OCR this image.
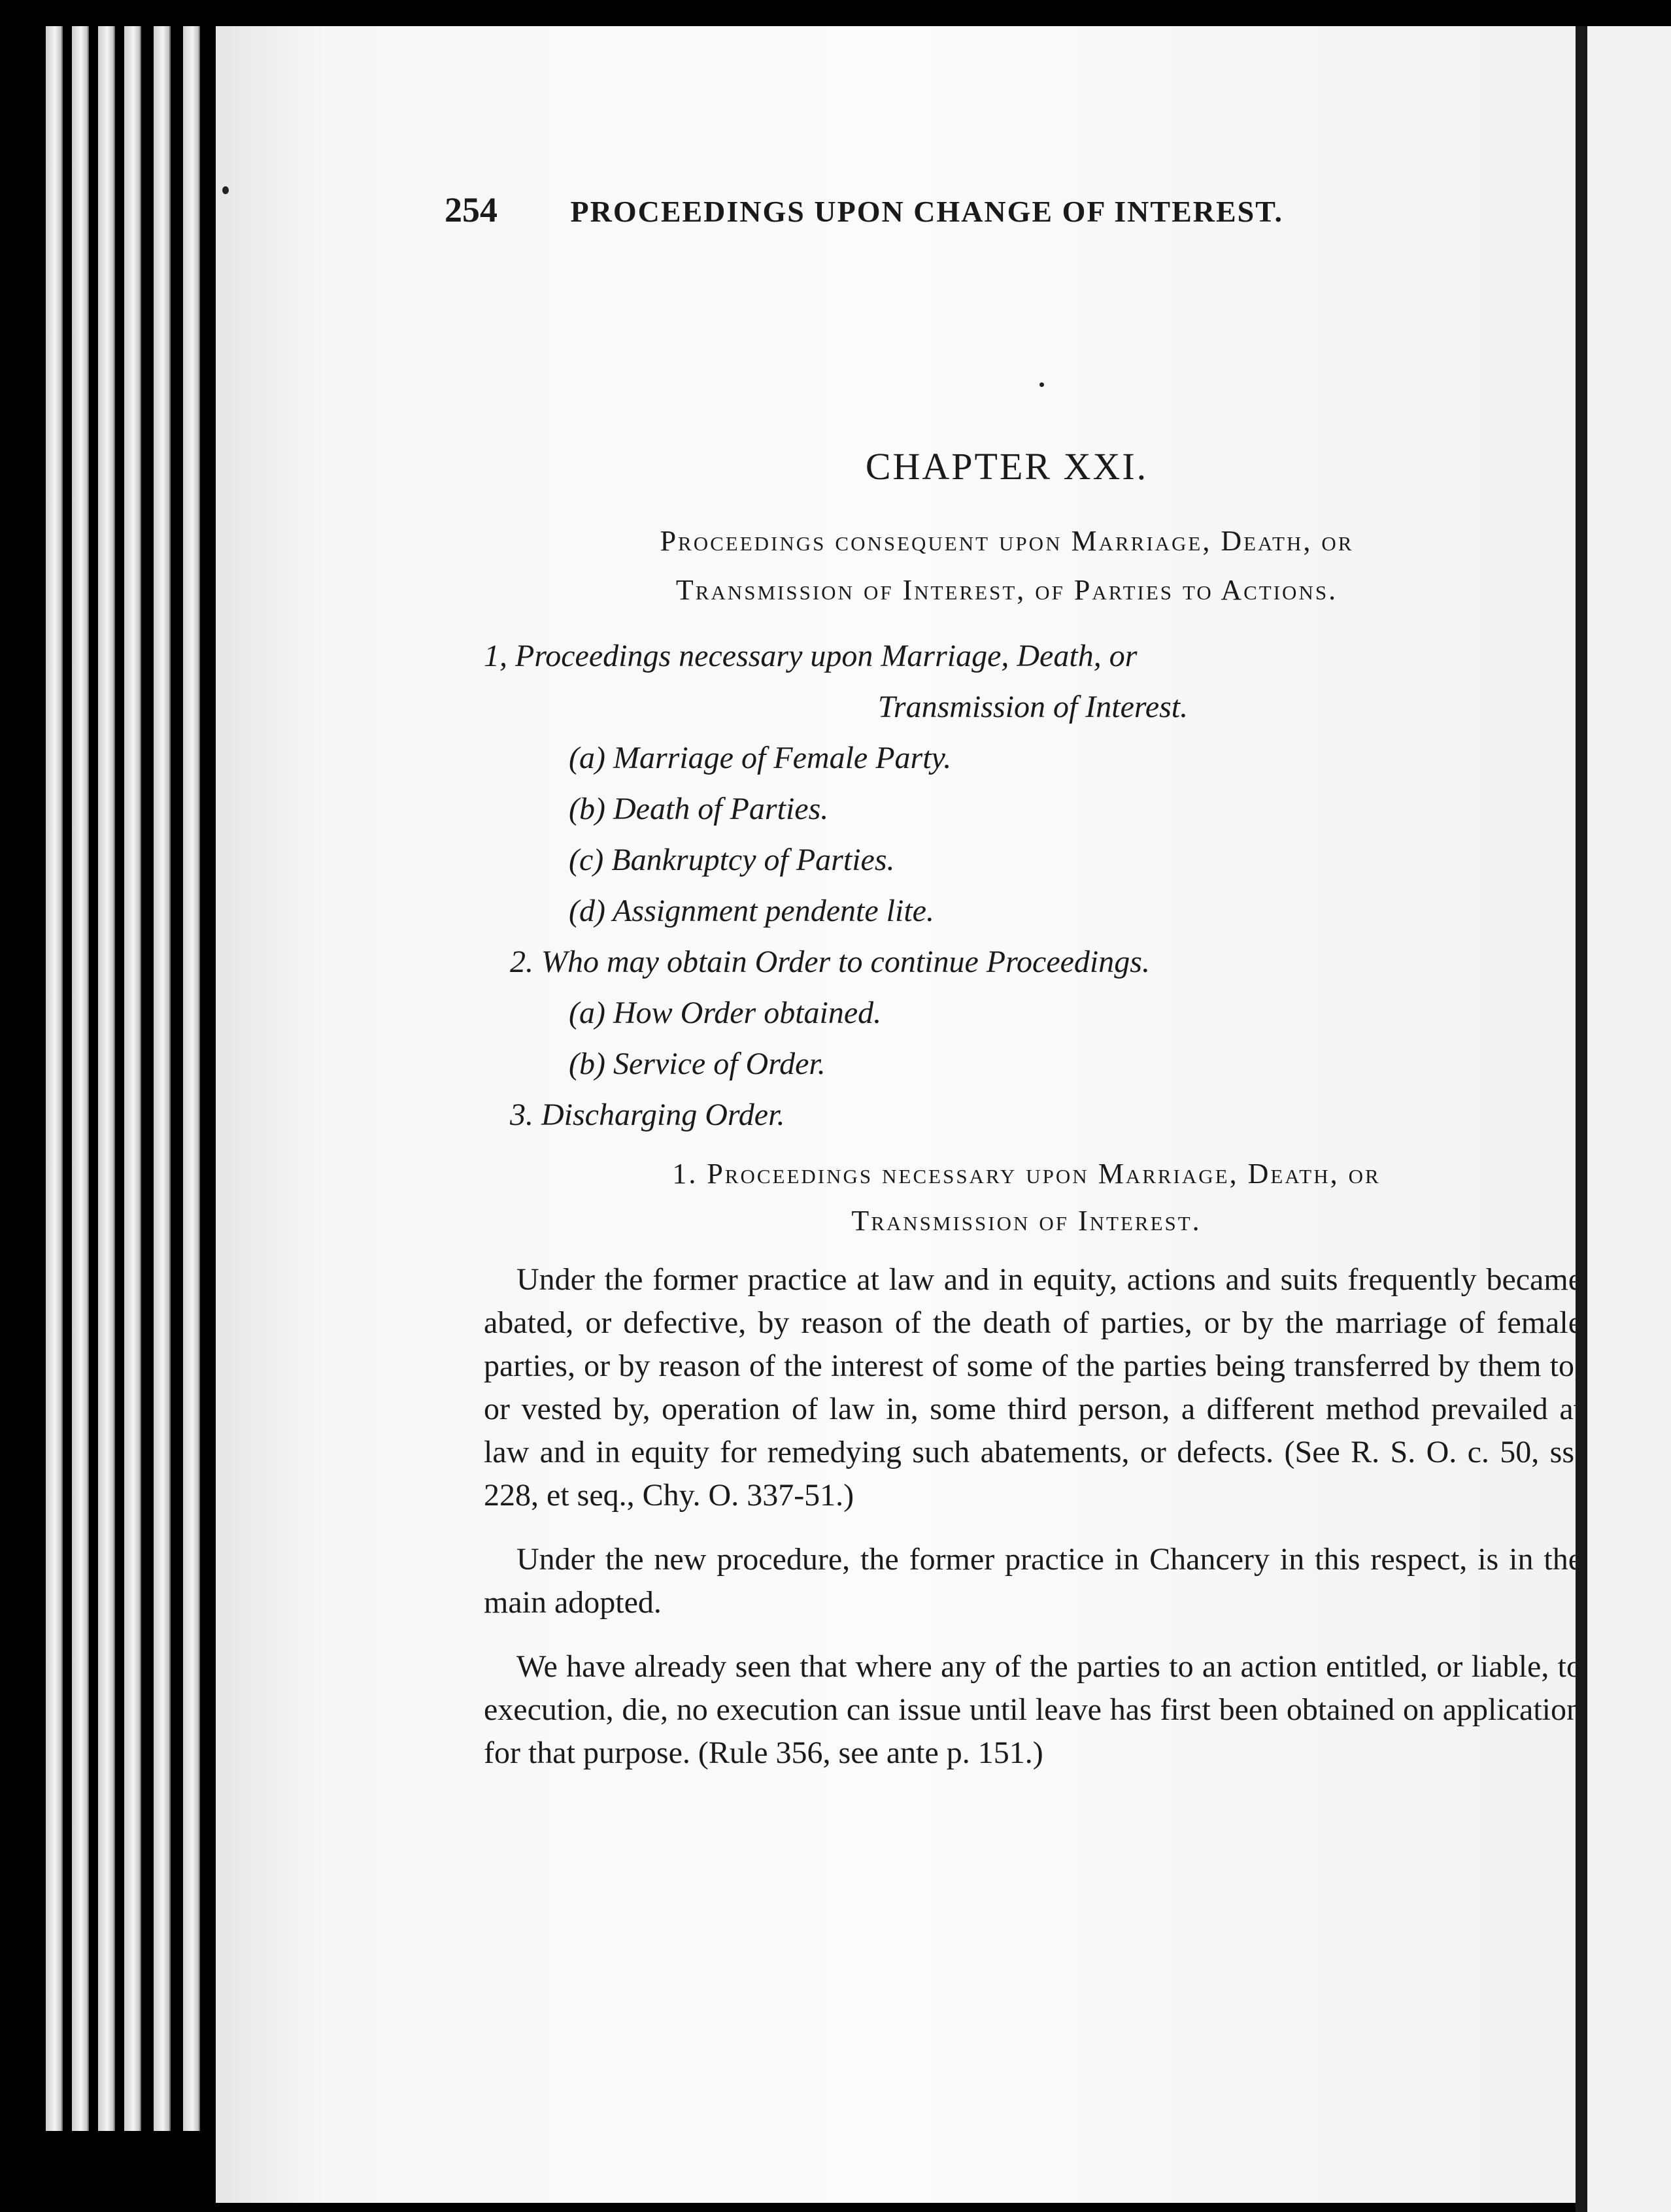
254 PROCEEDINGS UPON CHANGE OF INTEREST.
CHAPTER XXI.
Proceedings consequent upon Marriage, Death, or
Transmission of Interest, of Parties to Actions.
1, Proceedings necessary upon Marriage, Death, or
Transmission of Interest.
(a) Marriage of Female Party.
(b) Death of Parties.
(c) Bankruptcy of Parties.
(d) Assignment pendente lite.
2. Who may obtain Order to continue Proceedings.
(a) How Order obtained.
(b) Service of Order.
3. Discharging Order.
1. Proceedings necessary upon Marriage, Death, or
Transmission of Interest.

Under the former practice at law and in equity, actions and suits frequently became abated, or defective, by reason of the death of parties, or by the marriage of female parties, or by reason of the interest of some of the parties being transferred by them to, or vested by, operation of law in, some third person, a different method prevailed at law and in equity for remedying such abatements, or defects. (See R. S. O. c. 50, ss. 228, et seq., Chy. O. 337-51.)

Under the new procedure, the former practice in Chancery in this respect, is in the main adopted.

We have already seen that where any of the parties to an action entitled, or liable, to execution, die, no execution can issue until leave has first been obtained on application for that purpose. (Rule 356, see ante p. 151.)
